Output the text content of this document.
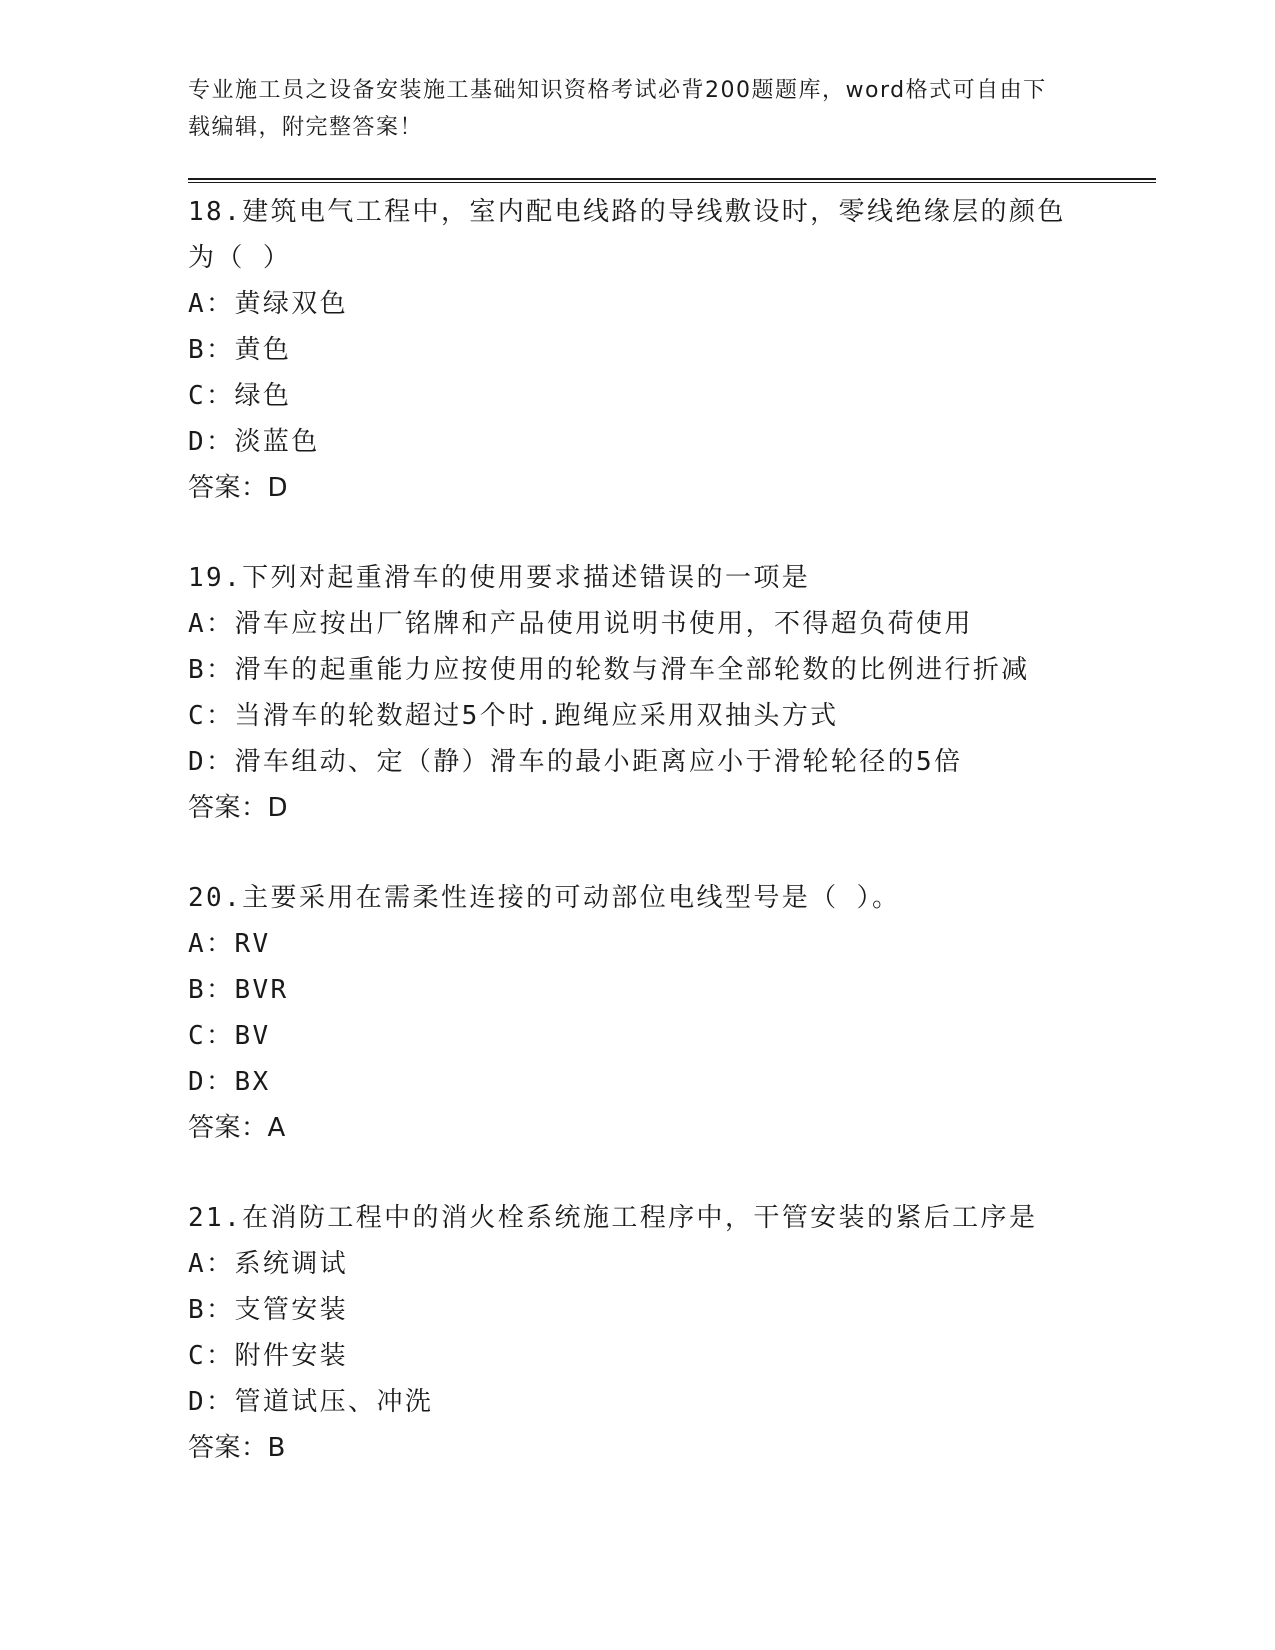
专业施工员之设备安装施工基础知识资格考试必背200题题库，word格式可自由下载编辑，附完整答案！

18.建筑电气工程中，室内配电线路的导线敷设时，零线绝缘层的颜色为（ ）

A：黄绿双色

B：黄色

C：绿色

D：淡蓝色

答案：D

19.下列对起重滑车的使用要求描述错误的一项是

A：滑车应按出厂铭牌和产品使用说明书使用，不得超负荷使用

B：滑车的起重能力应按使用的轮数与滑车全部轮数的比例进行折减

C：当滑车的轮数超过5个时.跑绳应采用双抽头方式

D：滑车组动、定（静）滑车的最小距离应小于滑轮轮径的5倍

答案：D

20.主要采用在需柔性连接的可动部位电线型号是（ ）。

A：RV

B：BVR

C：BV

D：BX

答案：A

21.在消防工程中的消火栓系统施工程序中，干管安装的紧后工序是

A：系统调试

B：支管安装

C：附件安装

D：管道试压、冲洗

答案：B
